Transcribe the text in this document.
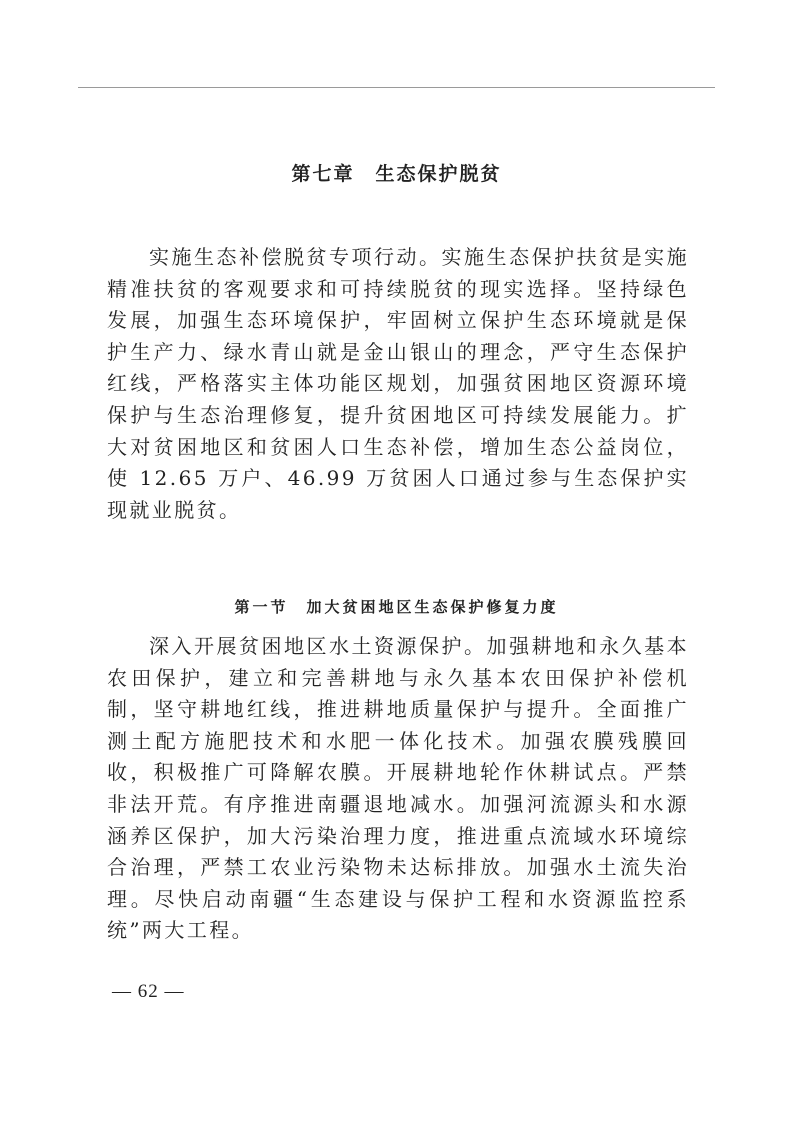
第七章　生态保护脱贫

实施生态补偿脱贫专项行动。实施生态保护扶贫是实施精准扶贫的客观要求和可持续脱贫的现实选择。坚持绿色发展，加强生态环境保护，牢固树立保护生态环境就是保护生产力、绿水青山就是金山银山的理念，严守生态保护红线，严格落实主体功能区规划，加强贫困地区资源环境保护与生态治理修复，提升贫困地区可持续发展能力。扩大对贫困地区和贫困人口生态补偿，增加生态公益岗位，使 12.65 万户、46.99 万贫困人口通过参与生态保护实现就业脱贫。

第一节　加大贫困地区生态保护修复力度

深入开展贫困地区水土资源保护。加强耕地和永久基本农田保护，建立和完善耕地与永久基本农田保护补偿机制，坚守耕地红线，推进耕地质量保护与提升。全面推广测土配方施肥技术和水肥一体化技术。加强农膜残膜回收，积极推广可降解农膜。开展耕地轮作休耕试点。严禁非法开荒。有序推进南疆退地减水。加强河流源头和水源涵养区保护，加大污染治理力度，推进重点流域水环境综合治理，严禁工农业污染物未达标排放。加强水土流失治理。尽快启动南疆“生态建设与保护工程和水资源监控系统”两大工程。

— 62 —
